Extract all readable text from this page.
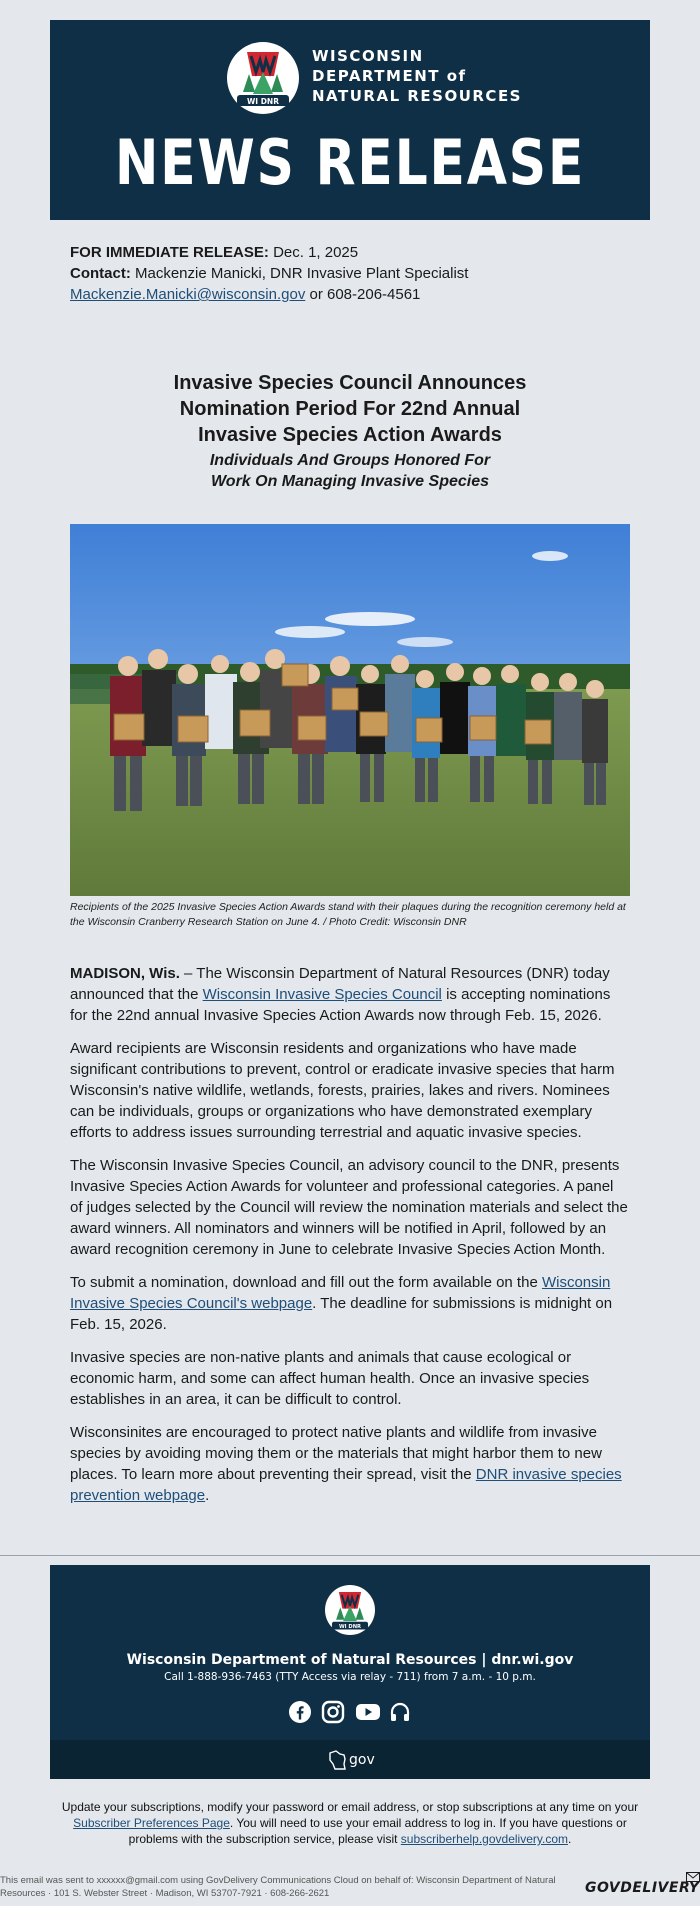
WI DNR
WISCONSIN
DEPARTMENT of
NATURAL RESOURCES
NEWS RELEASE
FOR IMMEDIATE RELEASE: Dec. 1, 2025
Contact: Mackenzie Manicki, DNR Invasive Plant Specialist
Mackenzie.Manicki@wisconsin.gov or 608-206-4561
Invasive Species Council Announces
Nomination Period For 22nd Annual
Invasive Species Action Awards
Individuals And Groups Honored For
Work On Managing Invasive Species
Recipients of the 2025 Invasive Species Action Awards stand with their plaques during the recognition ceremony held at the Wisconsin Cranberry Research Station on June 4. / Photo Credit: Wisconsin DNR

MADISON, Wis. – The Wisconsin Department of Natural Resources (DNR) today announced that the Wisconsin Invasive Species Council is accepting nominations for the 22nd annual Invasive Species Action Awards now through Feb. 15, 2026.

Award recipients are Wisconsin residents and organizations who have made significant contributions to prevent, control or eradicate invasive species that harm Wisconsin's native wildlife, wetlands, forests, prairies, lakes and rivers. Nominees can be individuals, groups or organizations who have demonstrated exemplary efforts to address issues surrounding terrestrial and aquatic invasive species.

The Wisconsin Invasive Species Council, an advisory council to the DNR, presents Invasive Species Action Awards for volunteer and professional categories. A panel of judges selected by the Council will review the nomination materials and select the award winners. All nominators and winners will be notified in April, followed by an award recognition ceremony in June to celebrate Invasive Species Action Month.

To submit a nomination, download and fill out the form available on the Wisconsin Invasive Species Council's webpage. The deadline for submissions is midnight on Feb. 15, 2026.

Invasive species are non-native plants and animals that cause ecological or economic harm, and some can affect human health. Once an invasive species establishes in an area, it can be difficult to control.

Wisconsinites are encouraged to protect native plants and wildlife from invasive species by avoiding moving them or the materials that might harbor them to new places. To learn more about preventing their spread, visit the DNR invasive species prevention webpage.

WI DNR
Wisconsin Department of Natural Resources | dnr.wi.gov
Call 1-888-936-7463 (TTY Access via relay - 711) from 7 a.m. - 10 p.m.
gov
Update your subscriptions, modify your password or email address, or stop subscriptions at any time on your Subscriber Preferences Page. You will need to use your email address to log in. If you have questions or problems with the subscription service, please visit subscriberhelp.govdelivery.com.
This email was sent to xxxxxx@gmail.com using GovDelivery Communications Cloud on behalf of: Wisconsin Department of Natural Resources · 101 S. Webster Street · Madison, WI 53707-7921 · 608-266-2621	GOVDELIVERY
